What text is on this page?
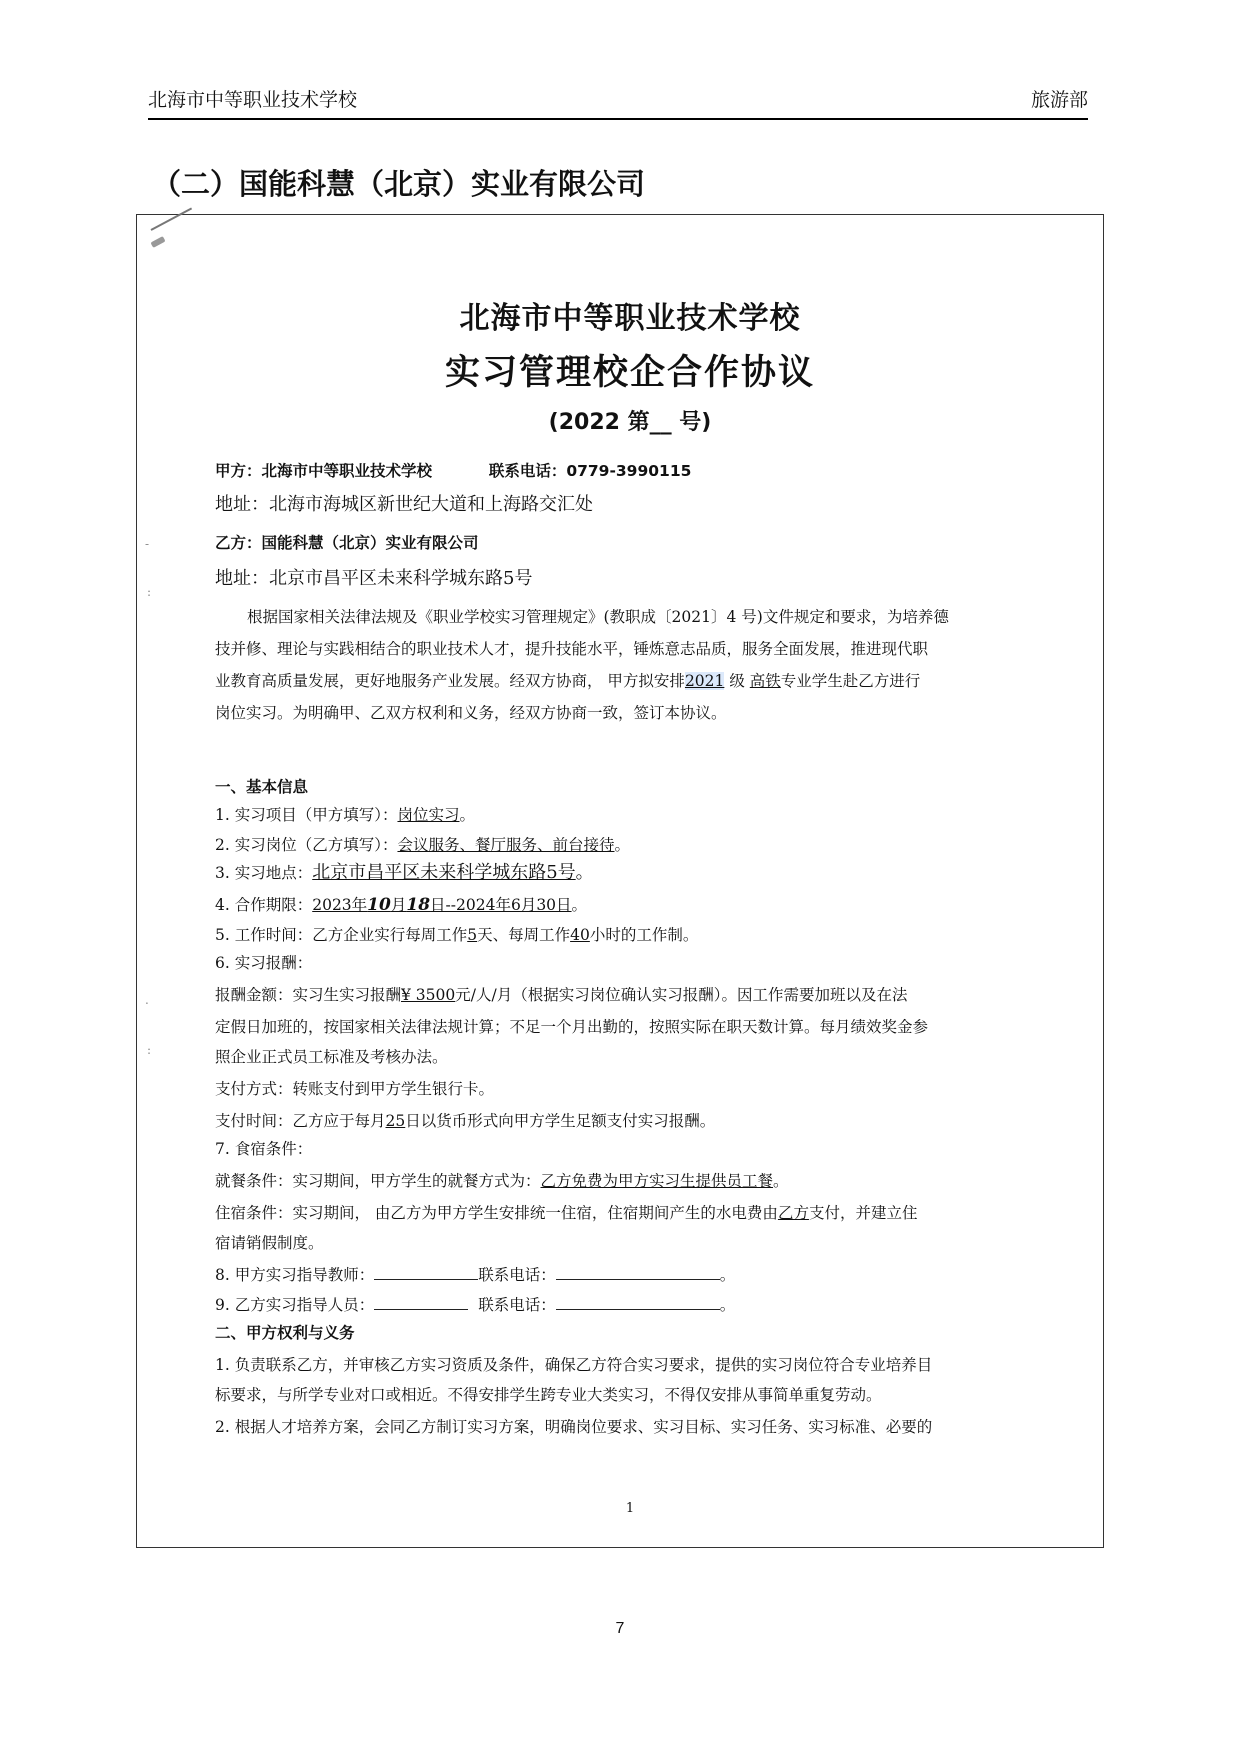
北海市中等职业技术学校	旅游部
（二）国能科慧（北京）实业有限公司
-
:
.
:
北海市中等职业技术学校
实习管理校企合作协议
(2022 第__ 号)
甲方：北海市中等职业技术学校	联系电话：0779-3990115
地址：北海市海城区新世纪大道和上海路交汇处
乙方：国能科慧（北京）实业有限公司
地址：北京市昌平区未来科学城东路5号
根据国家相关法律法规及《职业学校实习管理规定》(教职成〔2021〕4 号)文件规定和要求，为培养德
技并修、理论与实践相结合的职业技术人才，提升技能水平，锤炼意志品质，服务全面发展，推进现代职
业教育高质量发展，更好地服务产业发展。经双方协商， 甲方拟安排2021 级 高铁专业学生赴乙方进行
岗位实习。为明确甲、乙双方权利和义务，经双方协商一致，签订本协议。
一、基本信息
1. 实习项目（甲方填写）：岗位实习。
2. 实习岗位（乙方填写）：会议服务、餐厅服务、前台接待。
3. 实习地点：北京市昌平区未来科学城东路5号。
4. 合作期限：2023年10月18日--2024年6月30日。
5. 工作时间：乙方企业实行每周工作5天、每周工作40小时的工作制。
6. 实习报酬：
报酬金额：实习生实习报酬¥ 3500元/人/月（根据实习岗位确认实习报酬）。因工作需要加班以及在法
定假日加班的，按国家相关法律法规计算；不足一个月出勤的，按照实际在职天数计算。每月绩效奖金参
照企业正式员工标准及考核办法。
支付方式：转账支付到甲方学生银行卡。
支付时间：乙方应于每月25日以货币形式向甲方学生足额支付实习报酬。
7. 食宿条件：
就餐条件：实习期间，甲方学生的就餐方式为：乙方免费为甲方实习生提供员工餐。
住宿条件：实习期间， 由乙方为甲方学生安排统一住宿，住宿期间产生的水电费由乙方支付，并建立住
宿请销假制度。
8. 甲方实习指导教师：	联系电话：	。
9. 乙方实习指导人员：	联系电话：	。
二、甲方权利与义务
1. 负责联系乙方，并审核乙方实习资质及条件，确保乙方符合实习要求，提供的实习岗位符合专业培养目
标要求，与所学专业对口或相近。不得安排学生跨专业大类实习，不得仅安排从事简单重复劳动。
2. 根据人才培养方案，会同乙方制订实习方案，明确岗位要求、实习目标、实习任务、实习标准、必要的
1
7
